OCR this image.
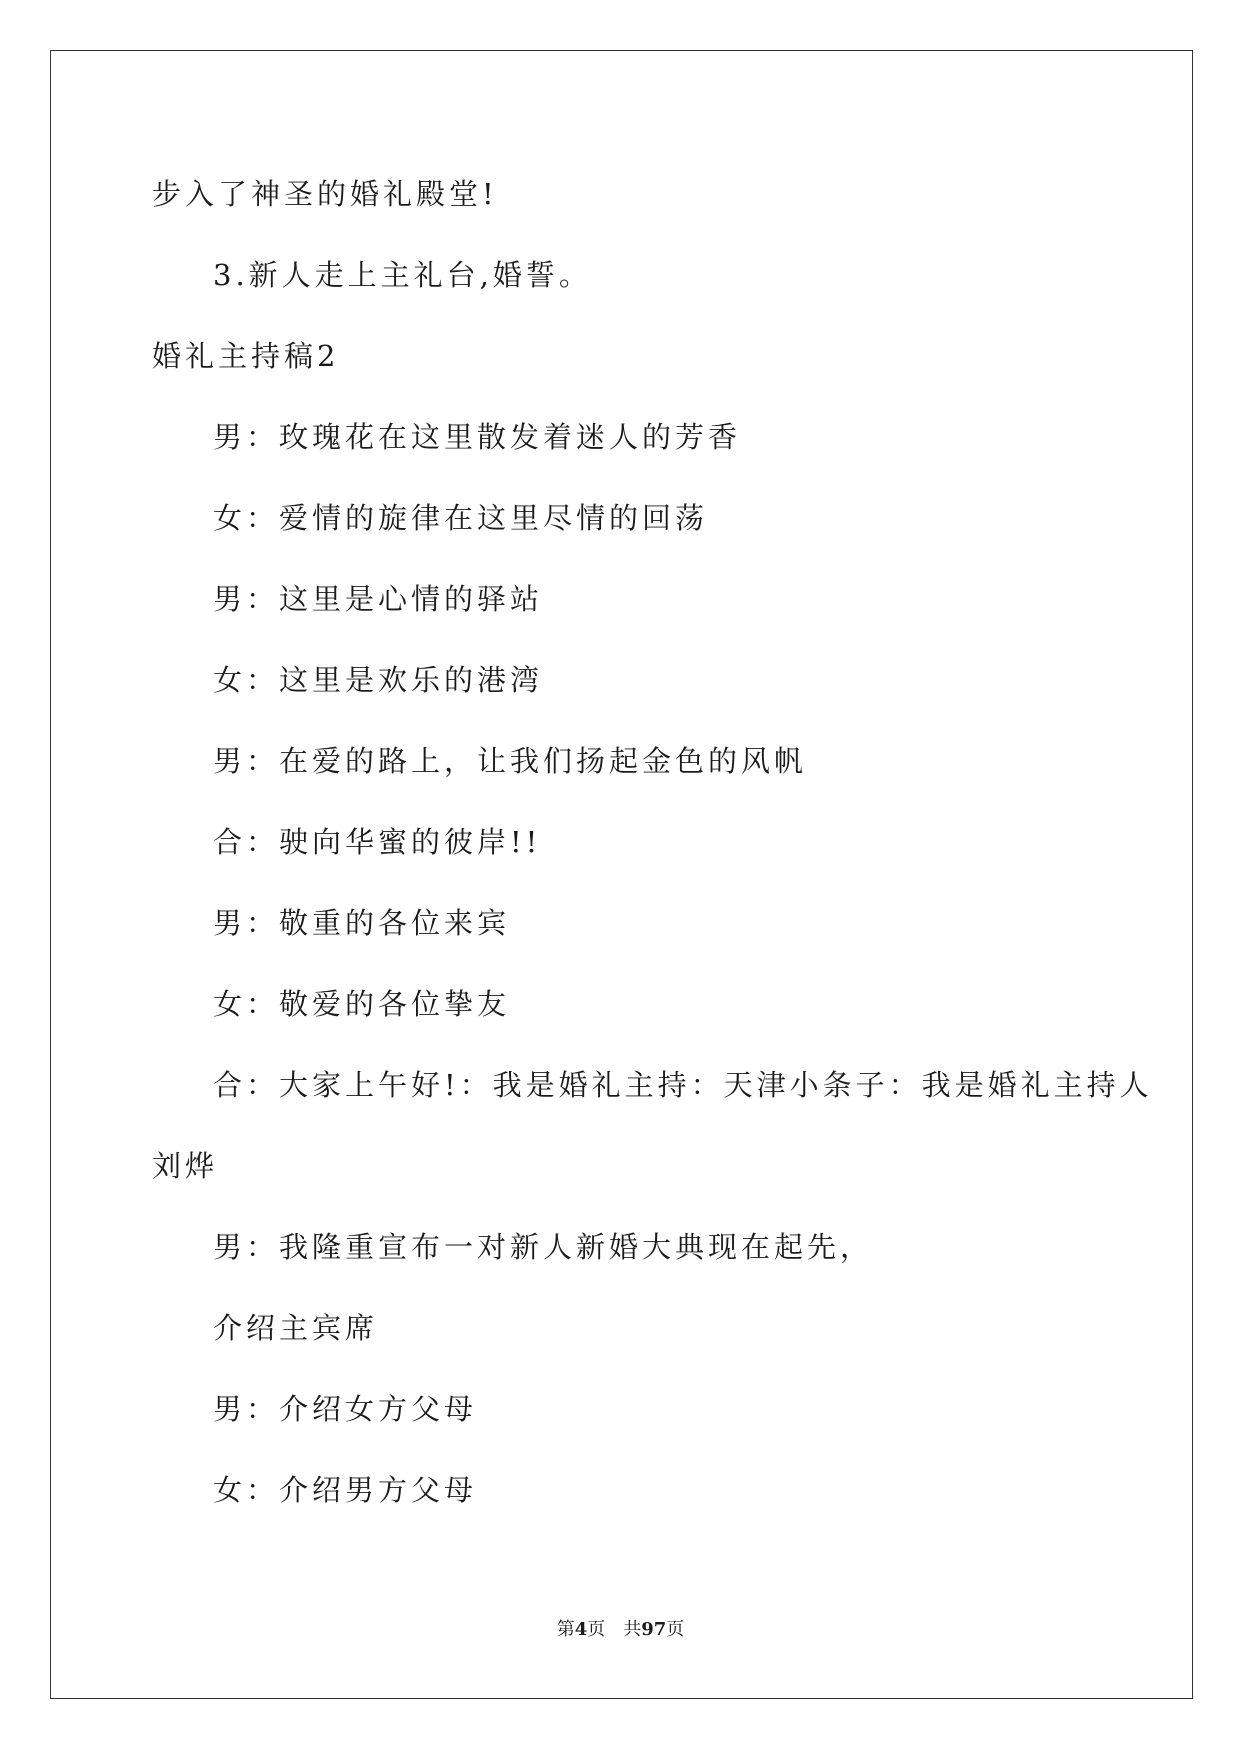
步入了神圣的婚礼殿堂!
3.新人走上主礼台,婚誓。
婚礼主持稿2
男：玫瑰花在这里散发着迷人的芳香
女：爱情的旋律在这里尽情的回荡
男：这里是心情的驿站
女：这里是欢乐的港湾
男：在爱的路上，让我们扬起金色的风帆
合：驶向华蜜的彼岸!!
男：敬重的各位来宾
女：敬爱的各位挚友
合：大家上午好!：我是婚礼主持：天津小条子：我是婚礼主持人
刘烨
男：我隆重宣布一对新人新婚大典现在起先，
介绍主宾席
男：介绍女方父母
女：介绍男方父母
第4页　共97页
